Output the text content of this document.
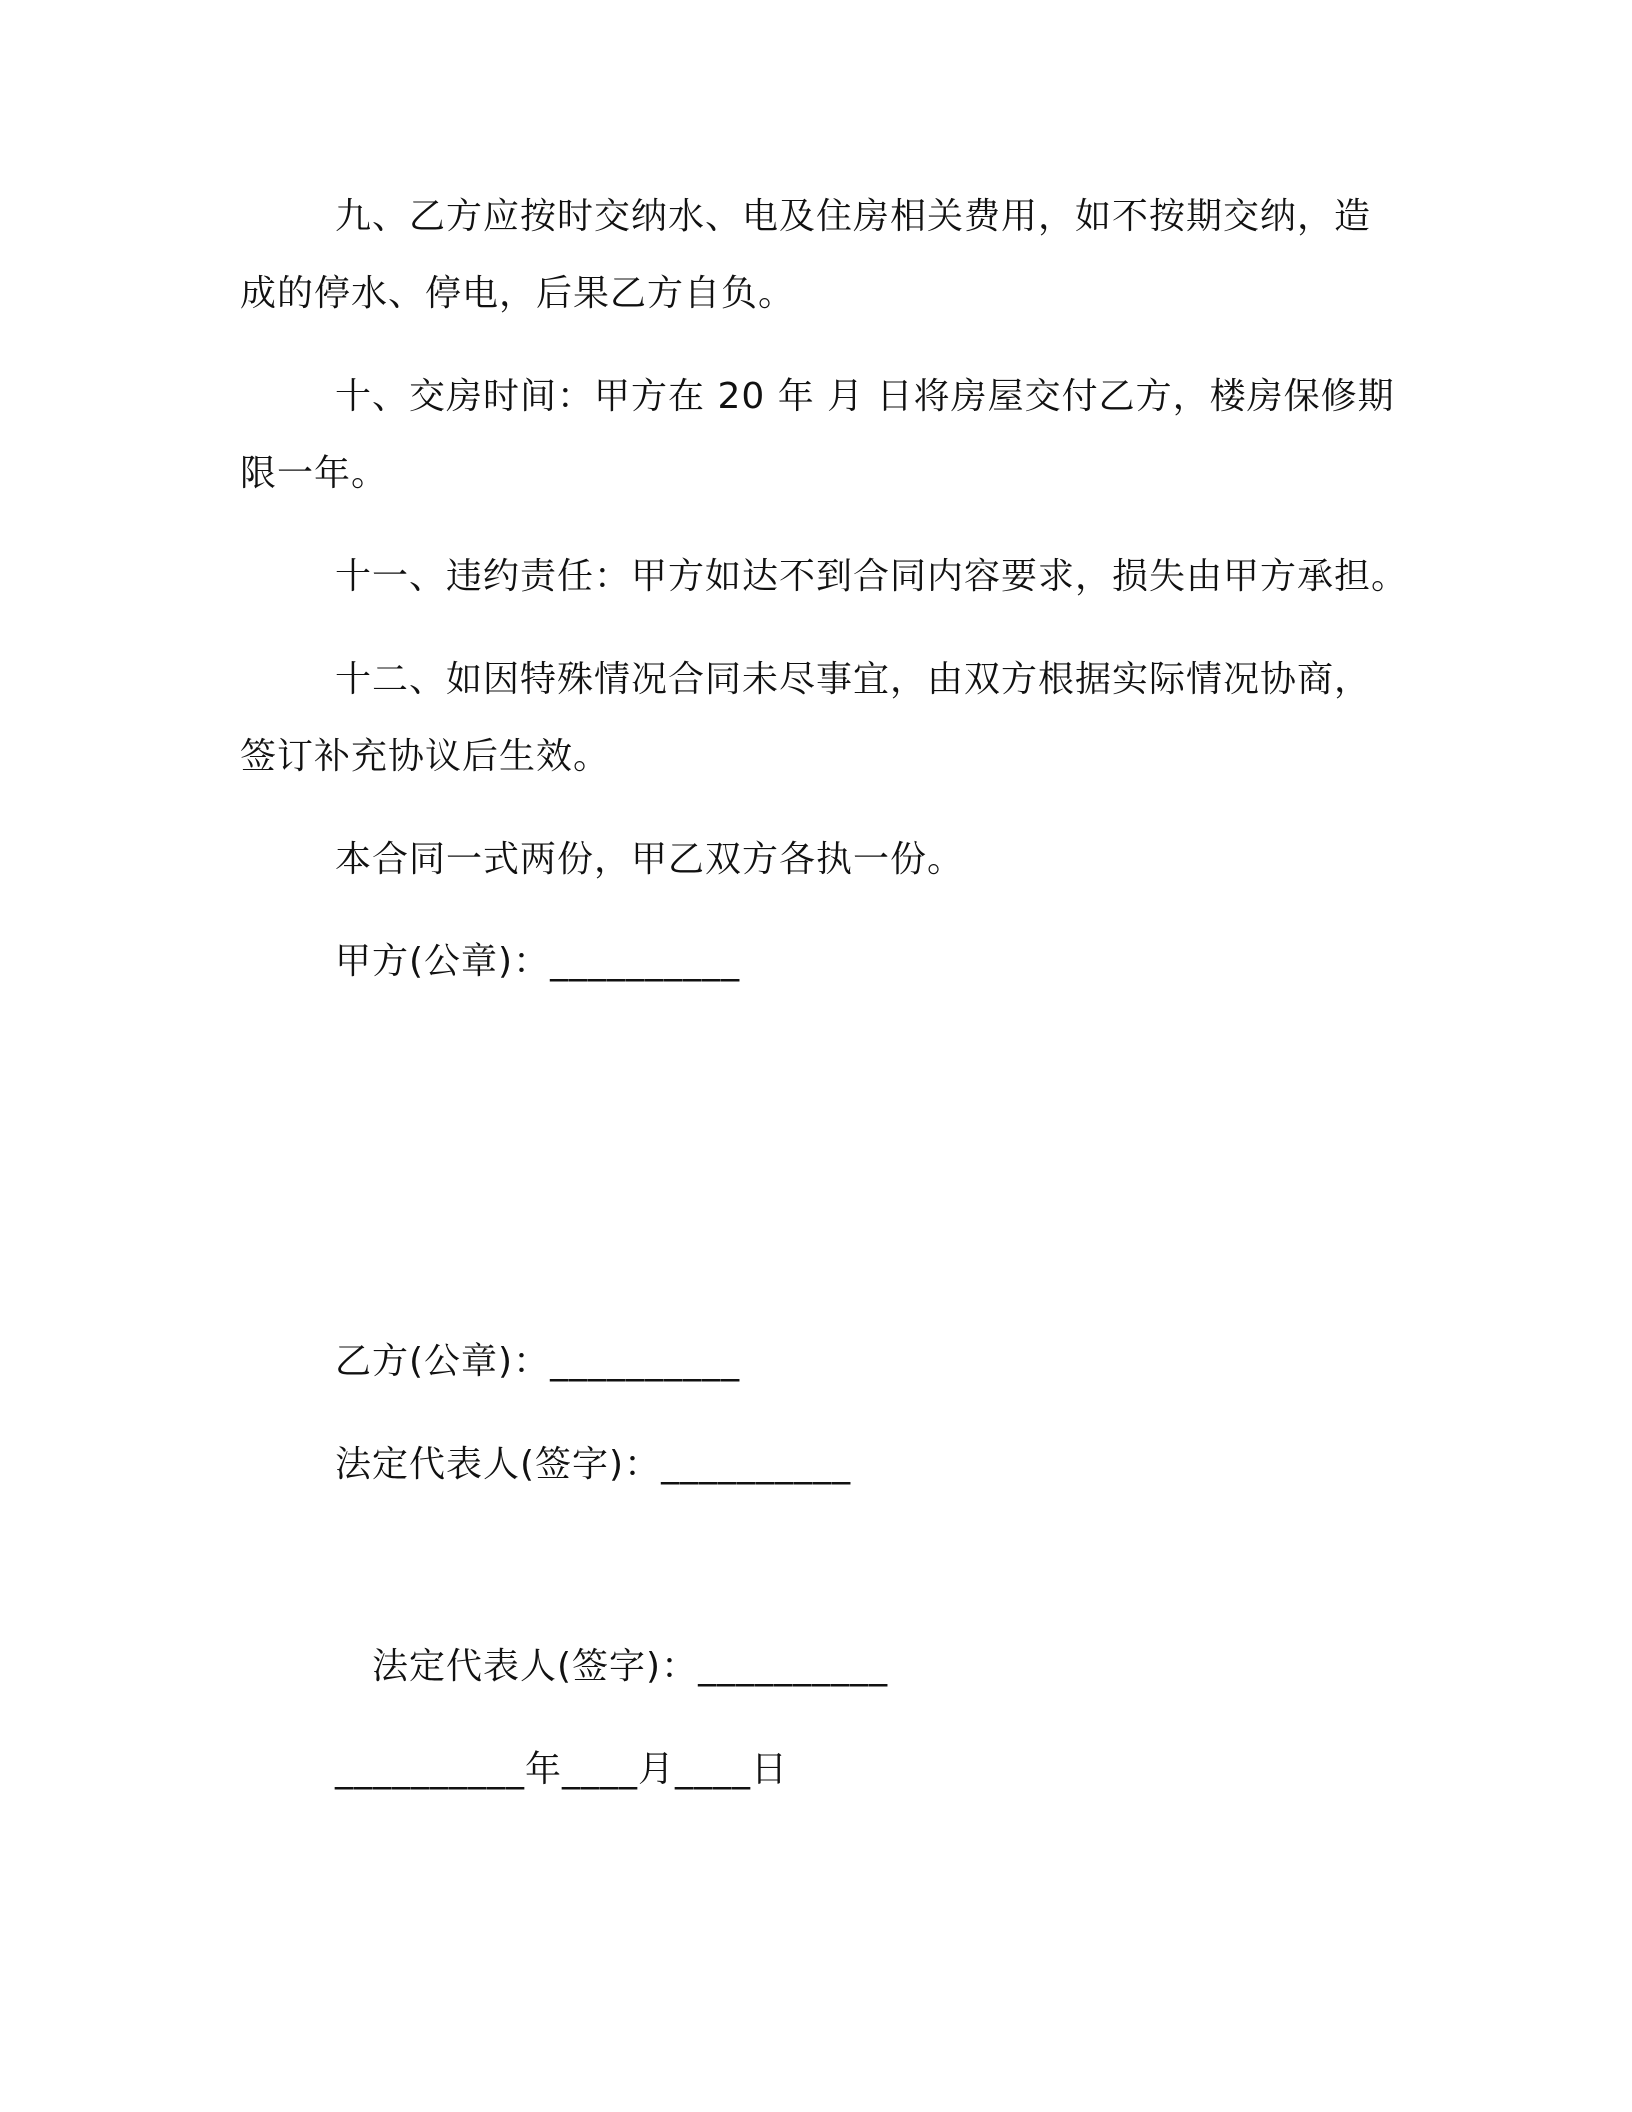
九、乙方应按时交纳水、电及住房相关费用，如不按期交纳，造
成的停水、停电，后果乙方自负。
十、交房时间：甲方在 20 年 月 日将房屋交付乙方，楼房保修期
限一年。
十一、违约责任：甲方如达不到合同内容要求，损失由甲方承担。
十二、如因特殊情况合同未尽事宜，由双方根据实际情况协商，
签订补充协议后生效。
本合同一式两份，甲乙双方各执一份。
甲方(公章)：__________
乙方(公章)：__________
法定代表人(签字)：__________
法定代表人(签字)：__________
__________年____月____日
